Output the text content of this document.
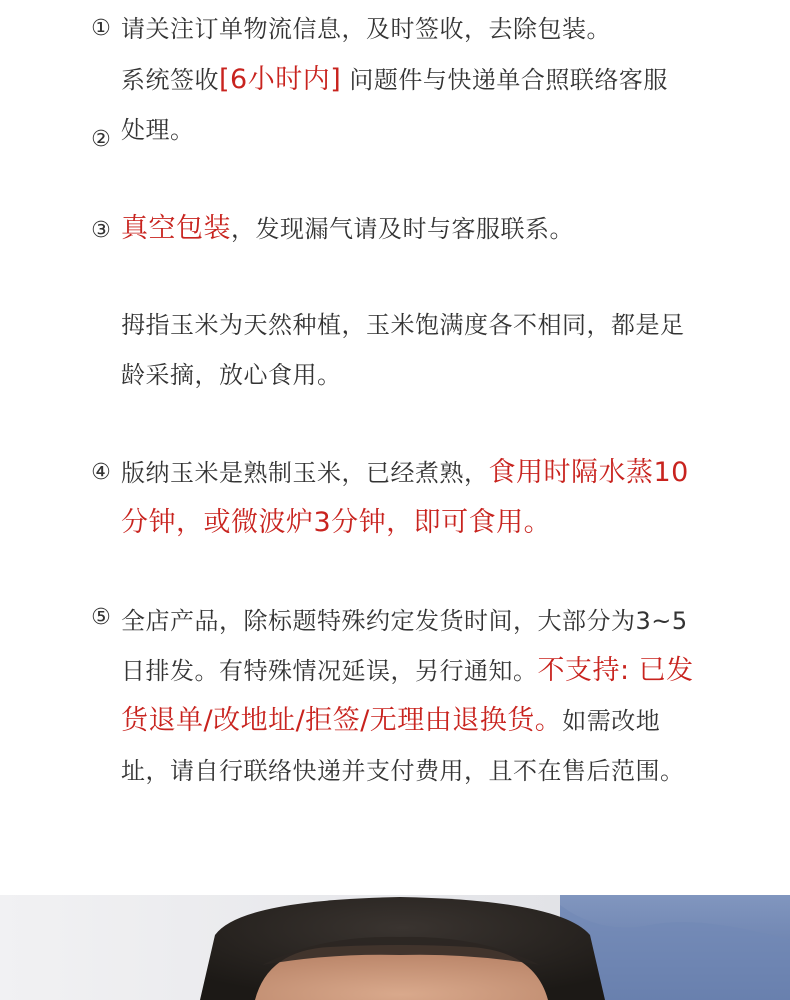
① 请关注订单物流信息，及时签收，去除包装。

②

系统签收[6小时内] 问题件与快递单合照联络客服
处理。

③ 真空包装，发现漏气请及时与客服联系。

拇指玉米为天然种植，玉米饱满度各不相同，都是足
龄采摘，放心食用。

④ 版纳玉米是熟制玉米，已经煮熟，食用时隔水蒸10
分钟，或微波炉3分钟，即可食用。

⑤ 全店产品，除标题特殊约定发货时间，大部分为3~5
日排发。有特殊情况延误，另行通知。不支持: 已发
货退单/改地址/拒签/无理由退换货。如需改地
址，请自行联络快递并支付费用，且不在售后范围。
